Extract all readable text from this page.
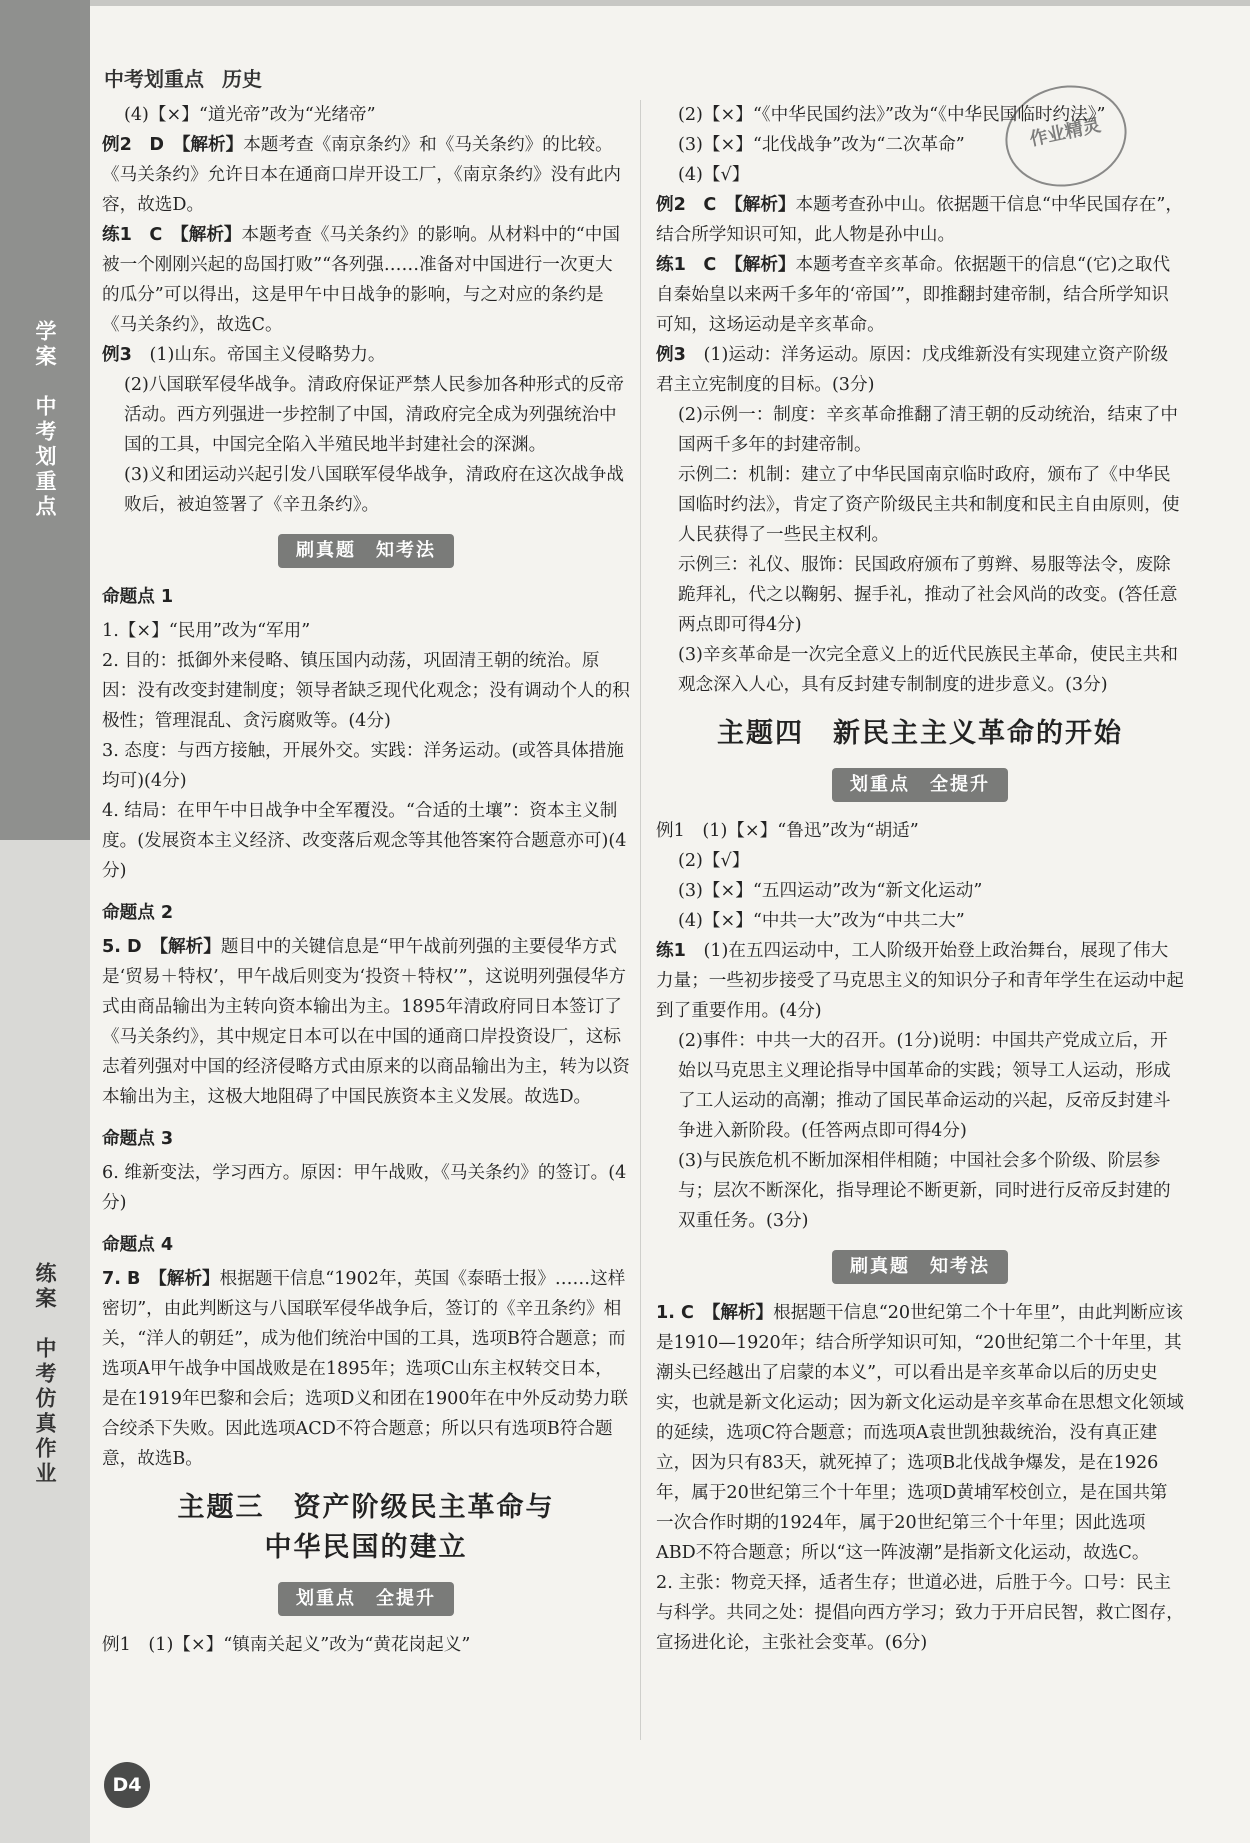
学案　中考划重点
练案　中考仿真作业
中考划重点 历史
作业精灵
(4)【×】“道光帝”改为“光绪帝”
例2　D　【解析】本题考查《南京条约》和《马关条约》的比较。《马关条约》允许日本在通商口岸开设工厂，《南京条约》没有此内容，故选D。
练1　C　【解析】本题考查《马关条约》的影响。从材料中的“中国被一个刚刚兴起的岛国打败”“各列强……准备对中国进行一次更大的瓜分”可以得出，这是甲午中日战争的影响，与之对应的条约是《马关条约》，故选C。
例3　 (1)山东。帝国主义侵略势力。
(2)八国联军侵华战争。清政府保证严禁人民参加各种形式的反帝活动。西方列强进一步控制了中国，清政府完全成为列强统治中国的工具，中国完全陷入半殖民地半封建社会的深渊。
(3)义和团运动兴起引发八国联军侵华战争，清政府在这次战争战败后，被迫签署了《辛丑条约》。
刷真题　知考法
命题点 1
1.【×】“民用”改为“军用”
2. 目的：抵御外来侵略、镇压国内动荡，巩固清王朝的统治。原因：没有改变封建制度；领导者缺乏现代化观念；没有调动个人的积极性；管理混乱、贪污腐败等。(4分)
3. 态度：与西方接触，开展外交。实践：洋务运动。(或答具体措施均可)(4分)
4. 结局：在甲午中日战争中全军覆没。“合适的土壤”：资本主义制度。(发展资本主义经济、改变落后观念等其他答案符合题意亦可)(4分)
命题点 2
5. D　【解析】题目中的关键信息是“甲午战前列强的主要侵华方式是‘贸易＋特权’，甲午战后则变为‘投资＋特权’”，这说明列强侵华方式由商品输出为主转向资本输出为主。1895年清政府同日本签订了《马关条约》，其中规定日本可以在中国的通商口岸投资设厂，这标志着列强对中国的经济侵略方式由原来的以商品输出为主，转为以资本输出为主，这极大地阻碍了中国民族资本主义发展。故选D。
命题点 3
6. 维新变法，学习西方。原因：甲午战败，《马关条约》的签订。(4分)
命题点 4
7. B　【解析】根据题干信息“1902年，英国《泰晤士报》……这样密切”，由此判断这与八国联军侵华战争后，签订的《辛丑条约》相关，“洋人的朝廷”，成为他们统治中国的工具，选项B符合题意；而选项A甲午战争中国战败是在1895年；选项C山东主权转交日本，是在1919年巴黎和会后；选项D义和团在1900年在中外反动势力联合绞杀下失败。因此选项ACD不符合题意；所以只有选项B符合题意，故选B。
主题三　资产阶级民主革命与
中华民国的建立
划重点　全提升
例1　(1)【×】“镇南关起义”改为“黄花岗起义”
(2)【×】“《中华民国约法》”改为“《中华民国临时约法》”
(3)【×】“北伐战争”改为“二次革命”
(4)【√】
例2　C　【解析】本题考查孙中山。依据题干信息“中华民国存在”，结合所学知识可知，此人物是孙中山。
练1　C　【解析】本题考查辛亥革命。依据题干的信息“(它)之取代自秦始皇以来两千多年的‘帝国’”，即推翻封建帝制，结合所学知识可知，这场运动是辛亥革命。
例3　 (1)运动：洋务运动。原因：戊戌维新没有实现建立资产阶级君主立宪制度的目标。(3分)
(2)示例一：制度：辛亥革命推翻了清王朝的反动统治，结束了中国两千多年的封建帝制。
示例二：机制：建立了中华民国南京临时政府，颁布了《中华民国临时约法》，肯定了资产阶级民主共和制度和民主自由原则，使人民获得了一些民主权利。
示例三：礼仪、服饰：民国政府颁布了剪辫、易服等法令，废除跪拜礼，代之以鞠躬、握手礼，推动了社会风尚的改变。(答任意两点即可得4分)
(3)辛亥革命是一次完全意义上的近代民族民主革命，使民主共和观念深入人心，具有反封建专制制度的进步意义。(3分)
主题四　新民主主义革命的开始
划重点　全提升
例1　(1)【×】“鲁迅”改为“胡适”
(2)【√】
(3)【×】“五四运动”改为“新文化运动”
(4)【×】“中共一大”改为“中共二大”
练1　 (1)在五四运动中，工人阶级开始登上政治舞台，展现了伟大力量；一些初步接受了马克思主义的知识分子和青年学生在运动中起到了重要作用。(4分)
(2)事件：中共一大的召开。(1分)说明：中国共产党成立后，开始以马克思主义理论指导中国革命的实践；领导工人运动，形成了工人运动的高潮；推动了国民革命运动的兴起，反帝反封建斗争进入新阶段。(任答两点即可得4分)
(3)与民族危机不断加深相伴相随；中国社会多个阶级、阶层参与；层次不断深化，指导理论不断更新，同时进行反帝反封建的双重任务。(3分)
刷真题　知考法
1. C　【解析】根据题干信息“20世纪第二个十年里”，由此判断应该是1910—1920年；结合所学知识可知，“20世纪第二个十年里，其潮头已经越出了启蒙的本义”，可以看出是辛亥革命以后的历史史实，也就是新文化运动；因为新文化运动是辛亥革命在思想文化领域的延续，选项C符合题意；而选项A袁世凯独裁统治，没有真正建立，因为只有83天，就死掉了；选项B北伐战争爆发，是在1926年，属于20世纪第三个十年里；选项D黄埔军校创立，是在国共第一次合作时期的1924年，属于20世纪第三个十年里；因此选项ABD不符合题意；所以“这一阵波潮”是指新文化运动，故选C。
2. 主张：物竞天择，适者生存；世道必进，后胜于今。口号：民主与科学。共同之处：提倡向西方学习；致力于开启民智，救亡图存，宣扬进化论，主张社会变革。(6分)
D4
